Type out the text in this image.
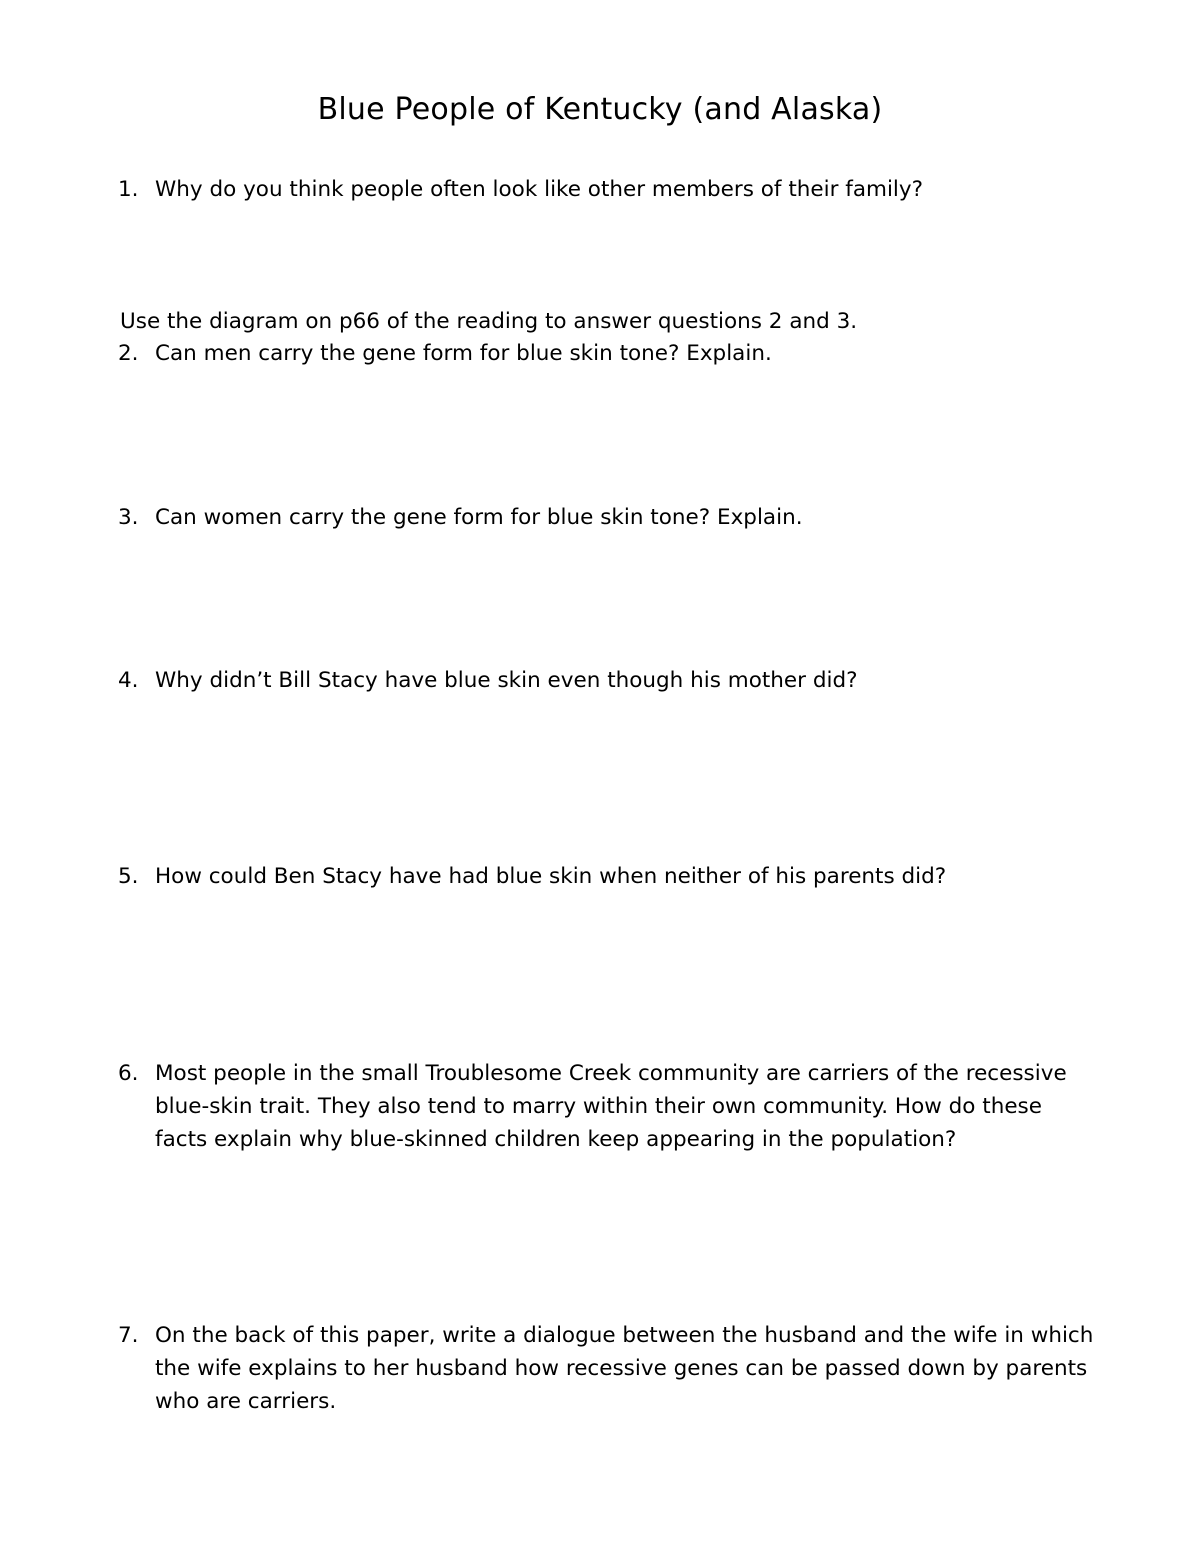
Blue People of Kentucky (and Alaska)
1. Why do you think people often look like other members of their family?
Use the diagram on p66 of the reading to answer questions 2 and 3.
2. Can men carry the gene form for blue skin tone? Explain.
3. Can women carry the gene form for blue skin tone? Explain.
4. Why didn’t Bill Stacy have blue skin even though his mother did?
5. How could Ben Stacy have had blue skin when neither of his parents did?
6. Most people in the small Troublesome Creek community are carriers of the recessive
blue-skin trait. They also tend to marry within their own community. How do these
facts explain why blue-skinned children keep appearing in the population?
7. On the back of this paper, write a dialogue between the husband and the wife in which
the wife explains to her husband how recessive genes can be passed down by parents
who are carriers.
